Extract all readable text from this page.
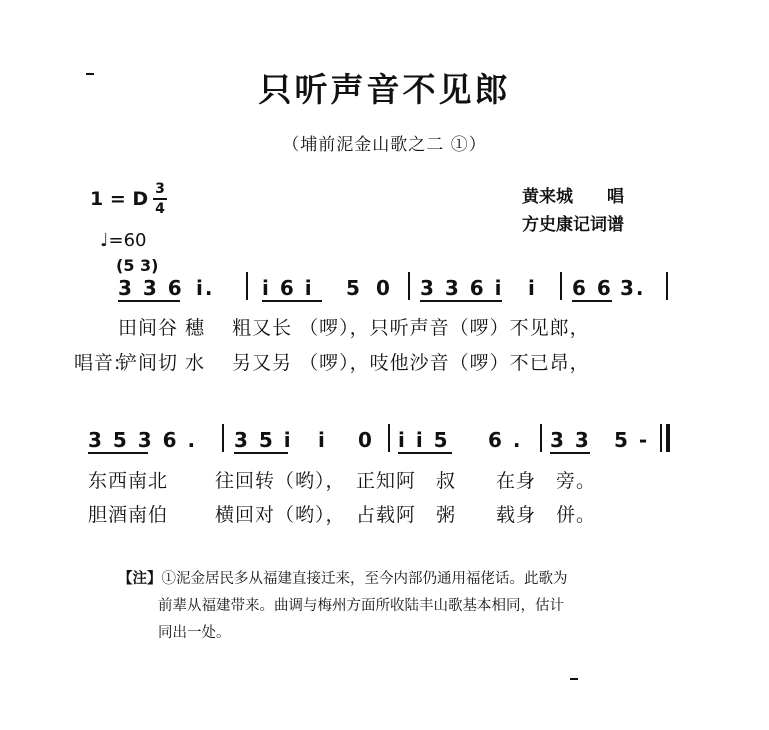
只听声音不见郎
（埔前泥金山歌之二 ①）
1 = D 3
4
♩=60
黄来城　　唱
方史康记词谱
(5 3)
3 3 6 i. i 6 i 5 0 3 3 6 i i 6 6 3.
田间谷 穗　 粗又长 （啰），只听声音（啰）不见郎，
唱音:
铲间切 水　 另又另 （啰），吱他沙音（啰）不已昂，
3 5 3 6 . 3 5 i i 0 i i 5 6 . 3 3 5 -
东西南北　　 往回转（哟），　正知阿　叔　　在身　旁。
胆酒南伯　　 横回对（哟），　占载阿　粥　　载身　併。
【注】①泥金居民多从福建直接迁来，至今内部仍通用福佬话。此歌为
前辈从福建带来。曲调与梅州方面所收陆丰山歌基本相同，估计
同出一处。
